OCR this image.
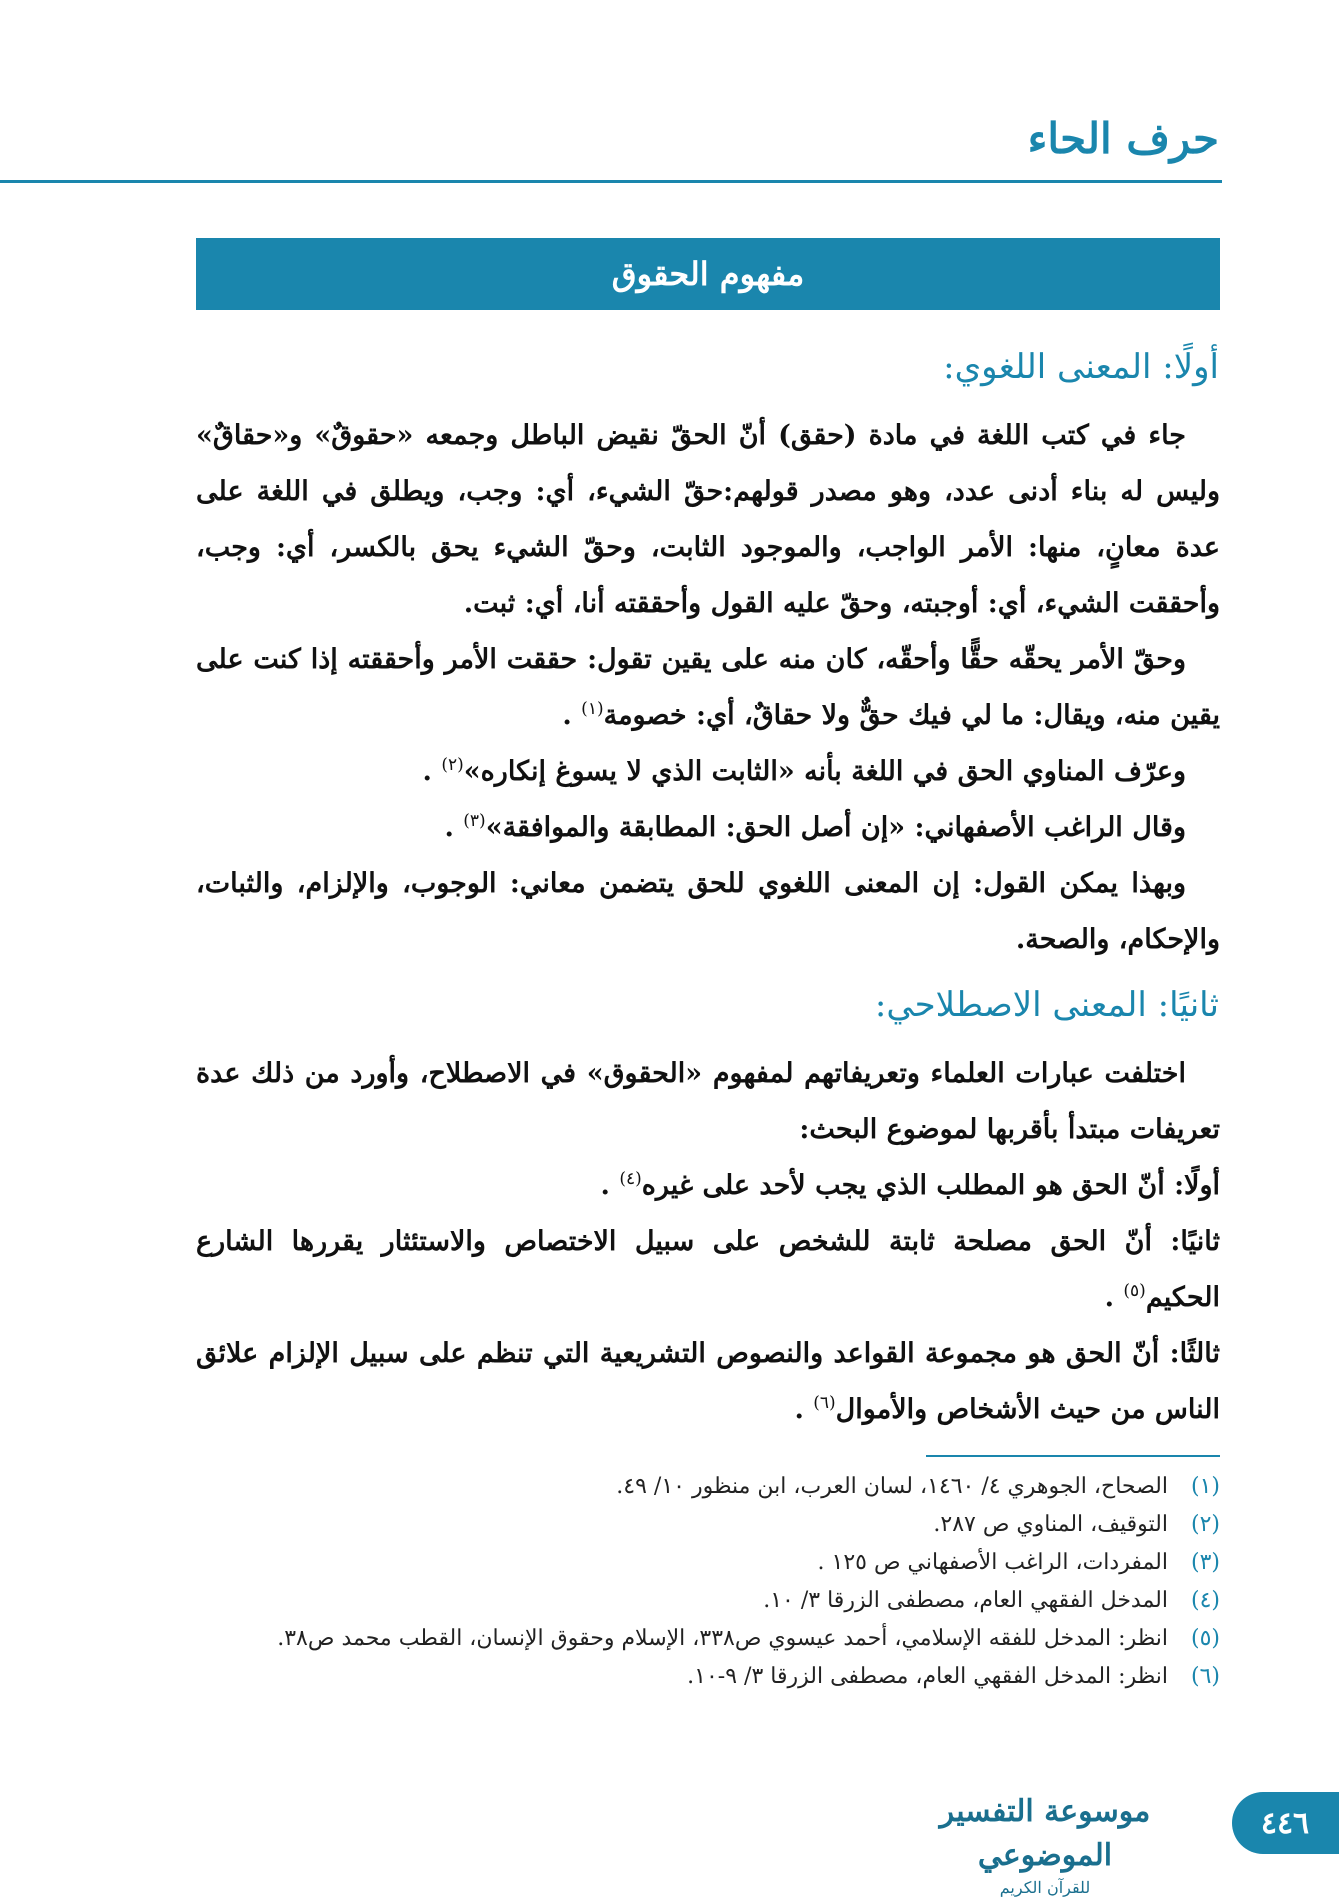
حرف الحاء
مفهوم الحقوق
أولًا: المعنى اللغوي:

جاء في كتب اللغة في مادة (حقق) أنّ الحقّ نقيض الباطل وجمعه «حقوقٌ» و«حقاقٌ» وليس له بناء أدنى عدد، وهو مصدر قولهم:حقّ الشيء، أي: وجب، ويطلق في اللغة على عدة معانٍ، منها: الأمر الواجب، والموجود الثابت، وحقّ الشيء يحق بالكسر، أي: وجب، وأحققت الشيء، أي: أوجبته، وحقّ عليه القول وأحققته أنا، أي: ثبت.

وحقّ الأمر يحقّه حقًّا وأحقّه، كان منه على يقين تقول: حققت الأمر وأحققته إذا كنت على يقين منه، ويقال: ما لي فيك حقٌّ ولا حقاقٌ، أي: خصومة$^{(١)}$ .

وعرّف المناوي الحق في اللغة بأنه «الثابت الذي لا يسوغ إنكاره»$^{(٢)}$ .

وقال الراغب الأصفهاني: «إن أصل الحق: المطابقة والموافقة»$^{(٣)}$ .

وبهذا يمكن القول: إن المعنى اللغوي للحق يتضمن معاني: الوجوب، والإلزام، والثبات، والإحكام، والصحة.

ثانيًا: المعنى الاصطلاحي:

اختلفت عبارات العلماء وتعريفاتهم لمفهوم «الحقوق» في الاصطلاح، وأورد من ذلك عدة تعريفات مبتدأ بأقربها لموضوع البحث:

أولًا: أنّ الحق هو المطلب الذي يجب لأحد على غيره$^{(٤)}$ .

ثانيًا: أنّ الحق مصلحة ثابتة للشخص على سبيل الاختصاص والاستئثار يقررها الشارع الحكيم$^{(٥)}$ .

ثالثًا: أنّ الحق هو مجموعة القواعد والنصوص التشريعية التي تنظم على سبيل الإلزام علائق الناس من حيث الأشخاص والأموال$^{(٦)}$ .

(١)
الصحاح، الجوهري ٤/ ١٤٦٠، لسان العرب، ابن منظور ١٠/ ٤٩.
(٢)
التوقيف، المناوي ص ٢٨٧.
(٣)
المفردات، الراغب الأصفهاني ص ١٢٥ .
(٤)
المدخل الفقهي العام، مصطفى الزرقا ٣/ ١٠.
(٥)
انظر: المدخل للفقه الإسلامي، أحمد عيسوي ص٣٣٨، الإسلام وحقوق الإنسان، القطب محمد ص٣٨.
(٦)
انظر: المدخل الفقهي العام، مصطفى الزرقا ٣/ ٩-١٠.
موسوعة التفسير الموضوعي
للقرآن الكريم
٤٤٦
